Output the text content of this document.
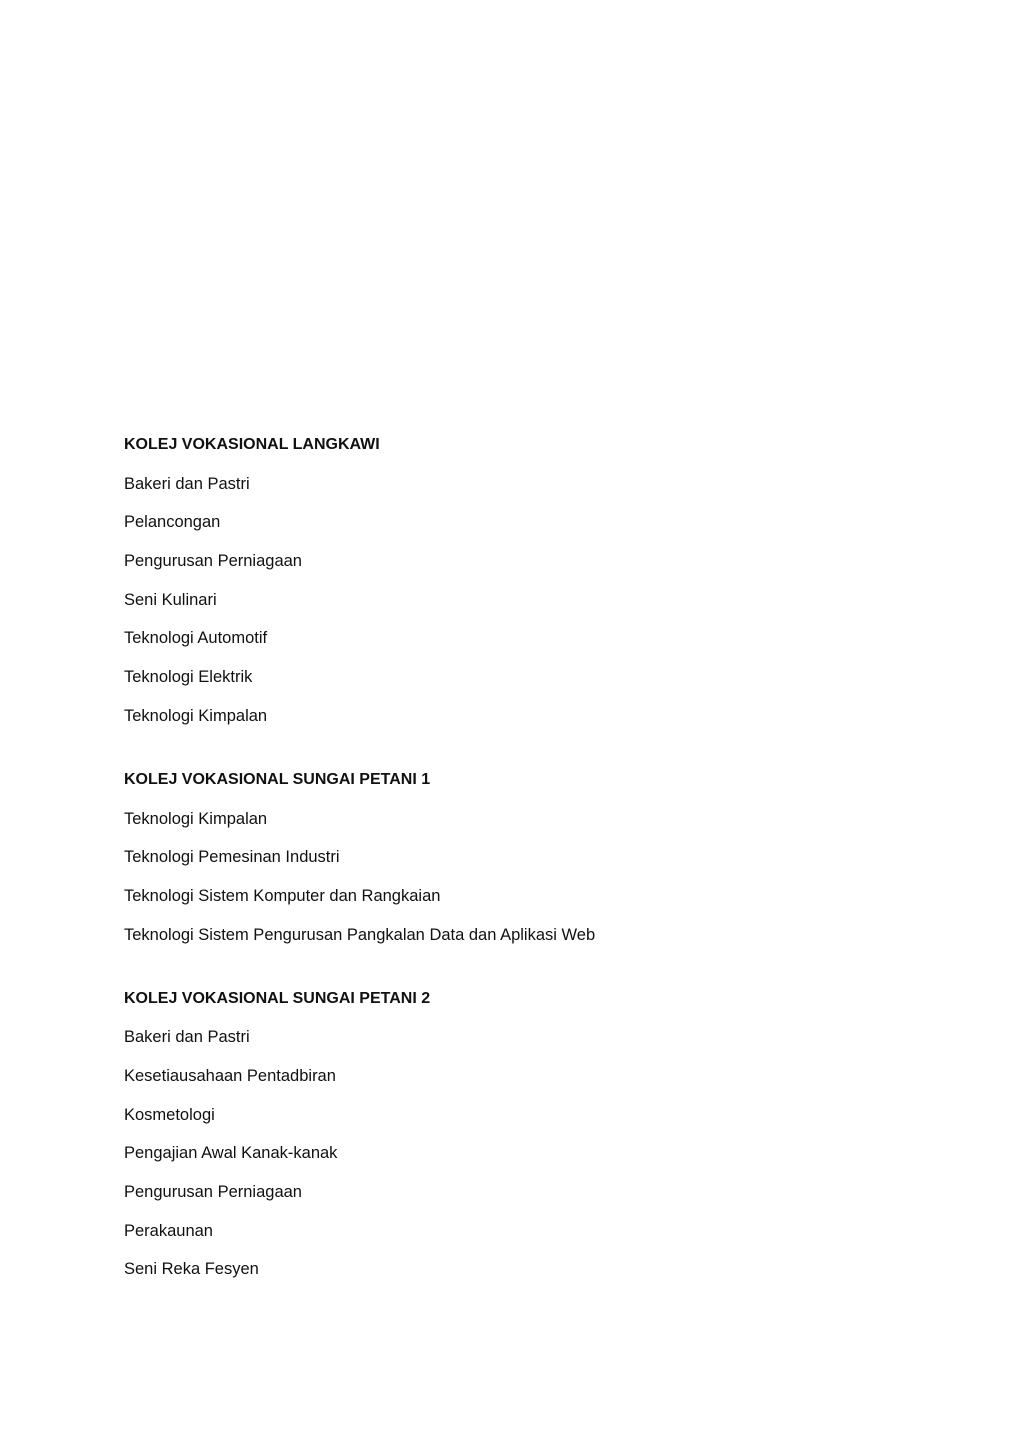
KOLEJ VOKASIONAL LANGKAWI
Bakeri dan Pastri
Pelancongan
Pengurusan Perniagaan
Seni Kulinari
Teknologi Automotif
Teknologi Elektrik
Teknologi Kimpalan
KOLEJ VOKASIONAL SUNGAI PETANI 1
Teknologi Kimpalan
Teknologi Pemesinan Industri
Teknologi Sistem Komputer dan Rangkaian
Teknologi Sistem Pengurusan Pangkalan Data dan Aplikasi Web
KOLEJ VOKASIONAL SUNGAI PETANI 2
Bakeri dan Pastri
Kesetiausahaan Pentadbiran
Kosmetologi
Pengajian Awal Kanak-kanak
Pengurusan Perniagaan
Perakaunan
Seni Reka Fesyen
